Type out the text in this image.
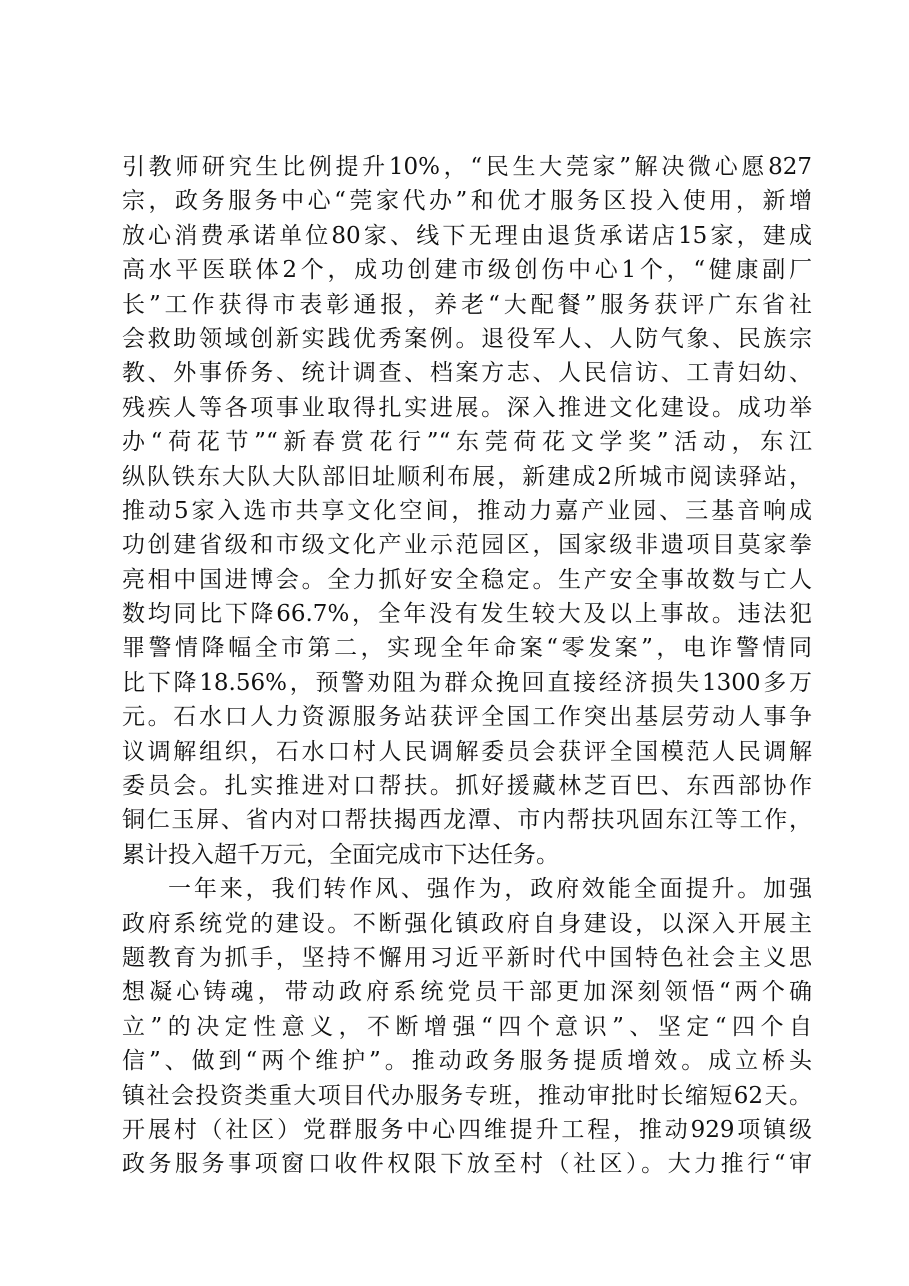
引教师研究生比例提升10%，“民生大莞家”解决微心愿827
宗，政务服务中心“莞家代办”和优才服务区投入使用，新增
放心消费承诺单位80家、线下无理由退货承诺店15家，建成
高水平医联体2个，成功创建市级创伤中心1个，“健康副厂
长”工作获得市表彰通报，养老“大配餐”服务获评广东省社
会救助领域创新实践优秀案例。退役军人、人防气象、民族宗
教、外事侨务、统计调查、档案方志、人民信访、工青妇幼、
残疾人等各项事业取得扎实进展。深入推进文化建设。成功举
办“荷花节”“新春赏花行”“东莞荷花文学奖”活动，东江
纵队铁东大队大队部旧址顺利布展，新建成2所城市阅读驿站，
推动5家入选市共享文化空间，推动力嘉产业园、三基音响成
功创建省级和市级文化产业示范园区，国家级非遗项目莫家拳
亮相中国进博会。全力抓好安全稳定。生产安全事故数与亡人
数均同比下降66.7%，全年没有发生较大及以上事故。违法犯
罪警情降幅全市第二，实现全年命案“零发案”，电诈警情同
比下降18.56%，预警劝阻为群众挽回直接经济损失1300多万
元。石水口人力资源服务站获评全国工作突出基层劳动人事争
议调解组织，石水口村人民调解委员会获评全国模范人民调解
委员会。扎实推进对口帮扶。抓好援藏林芝百巴、东西部协作
铜仁玉屏、省内对口帮扶揭西龙潭、市内帮扶巩固东江等工作，
累计投入超千万元，全面完成市下达任务。
一年来，我们转作风、强作为，政府效能全面提升。加强
政府系统党的建设。不断强化镇政府自身建设，以深入开展主
题教育为抓手，坚持不懈用习近平新时代中国特色社会主义思
想凝心铸魂，带动政府系统党员干部更加深刻领悟“两个确
立”的决定性意义，不断增强“四个意识”、坚定“四个自
信”、做到“两个维护”。推动政务服务提质增效。成立桥头
镇社会投资类重大项目代办服务专班，推动审批时长缩短62天。
开展村（社区）党群服务中心四维提升工程，推动929项镇级
政务服务事项窗口收件权限下放至村（社区）。大力推行“审
